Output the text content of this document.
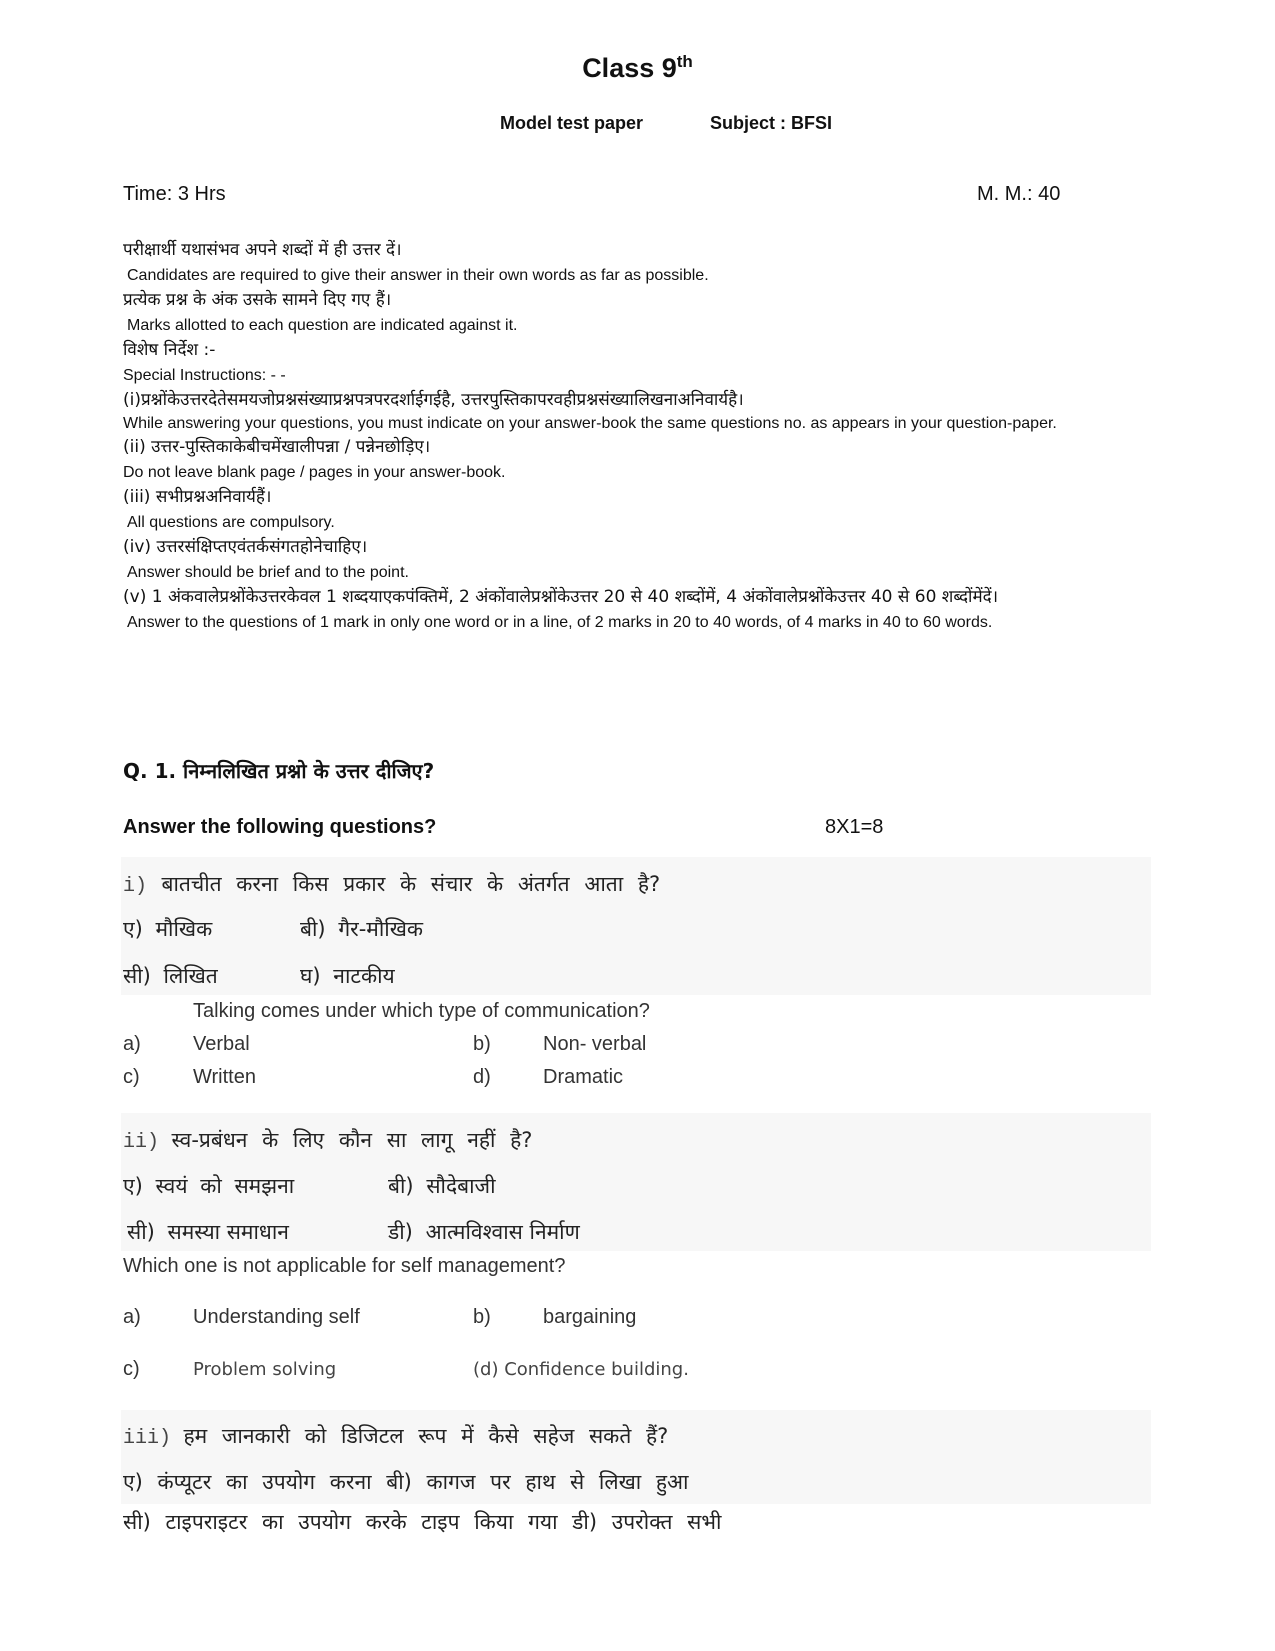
Class 9th
Model test paper	Subject : BFSI
Time: 3 Hrs	M. M.: 40
परीक्षार्थी यथासंभव अपने शब्दों में ही उत्तर दें।
Candidates are required to give their answer in their own words as far as possible.
प्रत्येक प्रश्न के अंक उसके सामने दिए गए हैं।
Marks allotted to each question are indicated against it.
विशेष निर्देश :-
Special Instructions: - -
(i)प्रश्नोंकेउत्तरदेतेसमयजोप्रश्नसंख्याप्रश्नपत्रपरदर्शाईगईहै, उत्तरपुस्तिकापरवहीप्रश्नसंख्यालिखनाअनिवार्यहै।
While answering your questions, you must indicate on your answer-book the same questions no. as appears in your question-paper.
(ii) उत्तर-पुस्तिकाकेबीचमेंखालीपन्ना / पन्नेनछोड़िए।
Do not leave blank page / pages in your answer-book.
(iii) सभीप्रश्नअनिवार्यहैं।
All questions are compulsory.
(iv) उत्तरसंक्षिप्तएवंतर्कसंगतहोनेचाहिए।
Answer should be brief and to the point.
(v) 1 अंकवालेप्रश्नोंकेउत्तरकेवल 1 शब्दयाएकपंक्तिमें, 2 अंकोंवालेप्रश्नोंकेउत्तर 20 से 40 शब्दोंमें, 4 अंकोंवालेप्रश्नोंकेउत्तर 40 से 60 शब्दोंमेंदें।
Answer to the questions of 1 mark in only one word or in a line, of 2 marks in 20 to 40 words, of 4 marks in 40 to 60 words.
Q. 1. निम्नलिखित प्रश्नो के उत्तर दीजिए?
Answer the following questions?	8X1=8
i) बातचीत करना किस प्रकार के संचार के अंतर्गत आता है?
ए) मौखिक	बी) गैर-मौखिक
सी) लिखित	घ) नाटकीय
Talking comes under which type of communication?
a)	Verbal	b)	Non- verbal
c)	Written	d)	Dramatic
ii) स्व-प्रबंधन के लिए कौन सा लागू नहीं है?
ए) स्वयं को समझना	बी) सौदेबाजी
सी) समस्या समाधान	डी) आत्मविश्वास निर्माण
Which one is not applicable for self management?
a)	Understanding self	b)	bargaining
c)	Problem solving	(d) Confidence building.
iii) हम जानकारी को डिजिटल रूप में कैसे सहेज सकते हैं?
ए) कंप्यूटर का उपयोग करना बी) कागज पर हाथ से लिखा हुआ
सी) टाइपराइटर का उपयोग करके टाइप किया गया डी) उपरोक्त सभी
